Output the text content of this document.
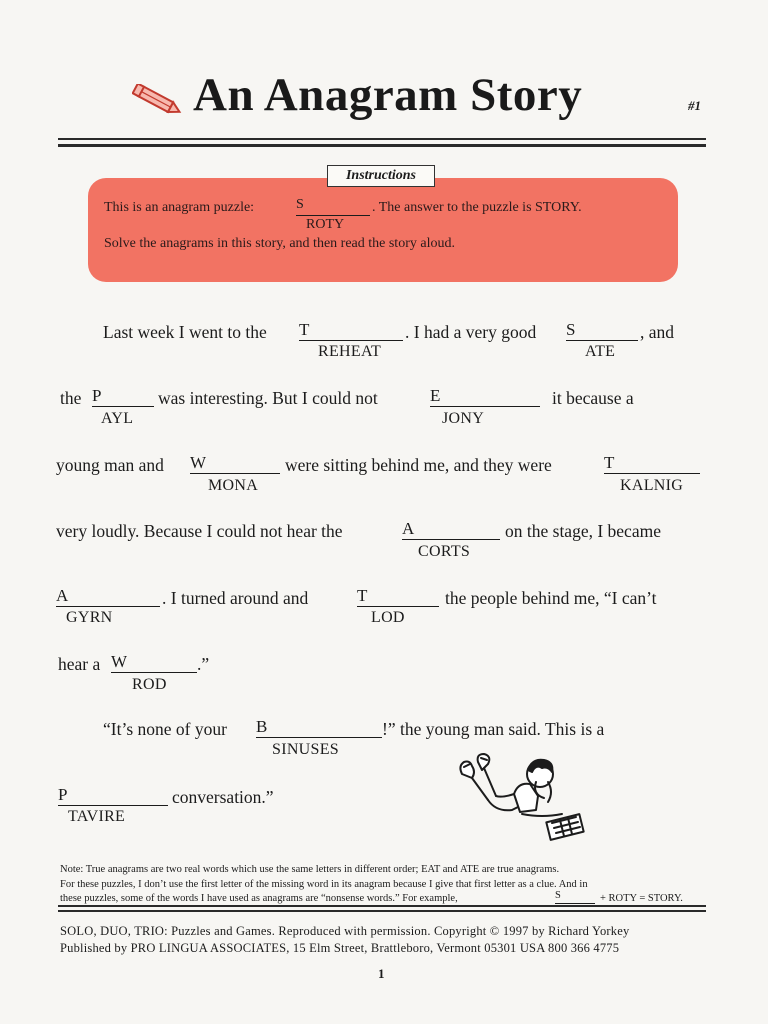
An Anagram Story	#1
Instructions
This is an anagram puzzle:	S
ROTY
. The answer to the puzzle is STORY.
Solve the anagrams in this story, and then read the story aloud.
Last week I went to the T
REHEAT
. I had a very good S
ATE
, and
the P
AYL
was interesting. But I could not	E
JONY
it because a
young man and W
MONA
were sitting behind me, and they were	T
KALNIG
very loudly. Because I could not hear the	A
CORTS
on the stage, I became
A
GYRN
. I turned around and	T
LOD
the people behind me, “I can’t
hear a W
ROD
.”
“It’s none of your B
SINUSES
!” the young man said. This is a
P
TAVIRE
conversation.”
Note: True anagrams are two real words which use the same letters in different order; EAT and ATE are true anagrams.
For these puzzles, I don’t use the first letter of the missing word in its anagram because I give that first letter as a clue. And in
these puzzles, some of the words I have used as anagrams are “nonsense words.” For example,	S	+ ROTY = STORY.
SOLO, DUO, TRIO: Puzzles and Games. Reproduced with permission. Copyright © 1997 by Richard Yorkey
Published by PRO LINGUA ASSOCIATES, 15 Elm Street, Brattleboro, Vermont 05301 USA 800 366 4775
1
